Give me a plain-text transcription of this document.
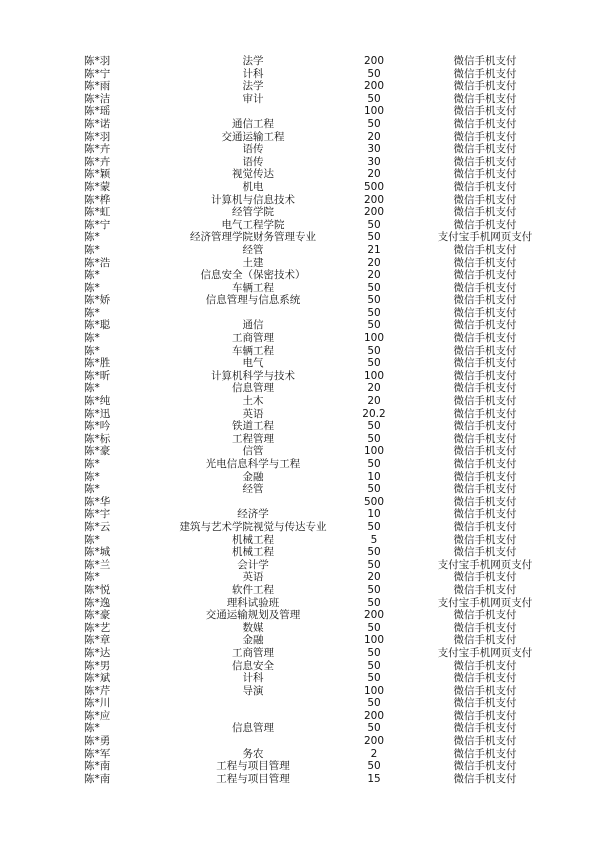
陈*羽	法学	200	微信手机支付
陈*宁	计科	50	微信手机支付
陈*雨	法学	200	微信手机支付
陈*洁	审计	50	微信手机支付
陈*瑶		100	微信手机支付
陈*诺	通信工程	50	微信手机支付
陈*羽	交通运输工程	20	微信手机支付
陈*卉	语传	30	微信手机支付
陈*卉	语传	30	微信手机支付
陈*颖	视觉传达	20	微信手机支付
陈*蒙	机电	500	微信手机支付
陈*桦	计算机与信息技术	200	微信手机支付
陈*虹	经管学院	200	微信手机支付
陈*宁	电气工程学院	50	微信手机支付
陈*	经济管理学院财务管理专业	50	支付宝手机网页支付
陈*	经管	21	微信手机支付
陈*浩	土建	20	微信手机支付
陈*	信息安全（保密技术）	20	微信手机支付
陈*	车辆工程	50	微信手机支付
陈*娇	信息管理与信息系统	50	微信手机支付
陈*		50	微信手机支付
陈*聪	通信	50	微信手机支付
陈*	工商管理	100	微信手机支付
陈*	车辆工程	50	微信手机支付
陈*胜	电气	50	微信手机支付
陈*昕	计算机科学与技术	100	微信手机支付
陈*	信息管理	20	微信手机支付
陈*纯	土木	20	微信手机支付
陈*迅	英语	20.2	微信手机支付
陈*吟	铁道工程	50	微信手机支付
陈*标	工程管理	50	微信手机支付
陈*豪	信管	100	微信手机支付
陈*	光电信息科学与工程	50	微信手机支付
陈*	金融	10	微信手机支付
陈*	经管	50	微信手机支付
陈*华		500	微信手机支付
陈*宇	经济学	10	微信手机支付
陈*云	建筑与艺术学院视觉与传达专业	50	微信手机支付
陈*	机械工程	5	微信手机支付
陈*城	机械工程	50	微信手机支付
陈*兰	会计学	50	支付宝手机网页支付
陈*	英语	20	微信手机支付
陈*悦	软件工程	50	微信手机支付
陈*逸	理科试验班	50	支付宝手机网页支付
陈*豪	交通运输规划及管理	200	微信手机支付
陈*艺	数媒	50	微信手机支付
陈*章	金融	100	微信手机支付
陈*达	工商管理	50	支付宝手机网页支付
陈*男	信息安全	50	微信手机支付
陈*斌	计科	50	微信手机支付
陈*芹	导演	100	微信手机支付
陈*川		50	微信手机支付
陈*应		200	微信手机支付
陈*	信息管理	50	微信手机支付
陈*勇		200	微信手机支付
陈*军	务农	2	微信手机支付
陈*南	工程与项目管理	50	微信手机支付
陈*南	工程与项目管理	15	微信手机支付
